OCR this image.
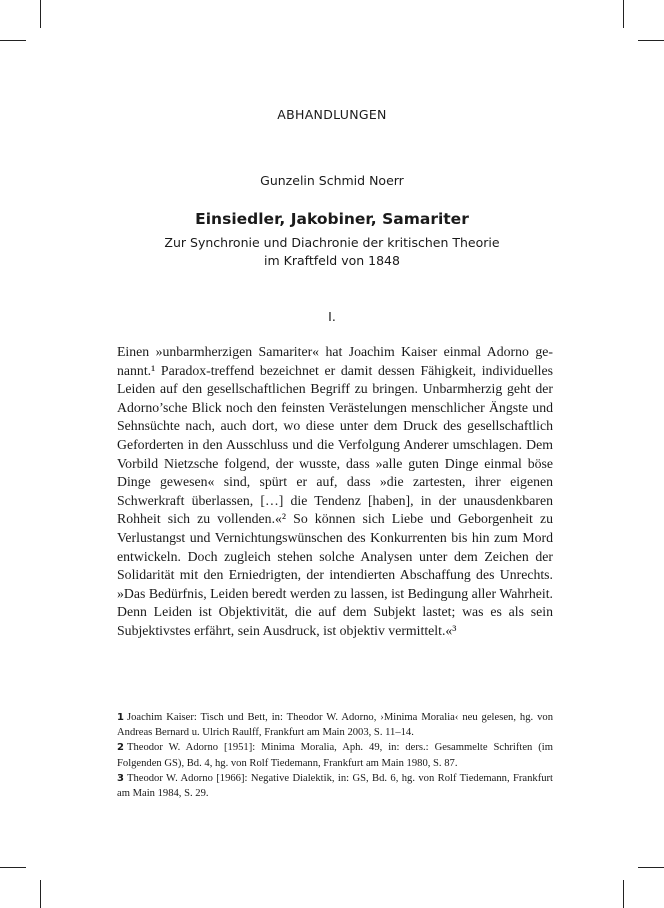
ABHANDLUNGEN
Gunzelin Schmid Noerr
Einsiedler, Jakobiner, Samariter
Zur Synchronie und Diachronie der kritischen Theorie
im Kraftfeld von 1848
I.

Einen »unbarmherzigen Samariter« hat Joachim Kaiser einmal Adorno genannt.¹ Paradox-treffend bezeichnet er damit dessen Fähigkeit, individuelles Leiden auf den gesellschaftlichen Begriff zu bringen. Unbarmherzig geht der Adorno’sche Blick noch den feinsten Verästelungen menschlicher Ängste und Sehnsüchte nach, auch dort, wo diese unter dem Druck des gesellschaftlich Geforderten in den Ausschluss und die Verfolgung Anderer umschlagen. Dem Vorbild Nietzsche folgend, der wusste, dass »alle guten Dinge einmal böse Dinge gewesen« sind, spürt er auf, dass »die zartesten, ihrer eigenen Schwerkraft überlassen, […] die Tendenz [haben], in der unausdenkbaren Rohheit sich zu vollenden.«² So können sich Liebe und Geborgenheit zu Verlustangst und Vernichtungswünschen des Konkurrenten bis hin zum Mord entwickeln. Doch zugleich stehen solche Analysen unter dem Zeichen der Solidarität mit den Erniedrigten, der intendierten Abschaffung des Unrechts. »Das Bedürfnis, Leiden beredt werden zu lassen, ist Bedingung aller Wahrheit. Denn Leiden ist Objektivität, die auf dem Subjekt lastet; was es als sein Subjektivstes erfährt, sein Ausdruck, ist objektiv vermittelt.«³

1 Joachim Kaiser: Tisch und Bett, in: Theodor W. Adorno, ›Minima Moralia‹ neu gelesen, hg. von Andreas Bernard u. Ulrich Raulff, Frankfurt am Main 2003, S. 11–14.

2 Theodor W. Adorno [1951]: Minima Moralia, Aph. 49, in: ders.: Gesammelte Schriften (im Folgenden GS), Bd. 4, hg. von Rolf Tiedemann, Frankfurt am Main 1980, S. 87.

3 Theodor W. Adorno [1966]: Negative Dialektik, in: GS, Bd. 6, hg. von Rolf Tiedemann, Frankfurt am Main 1984, S. 29.
